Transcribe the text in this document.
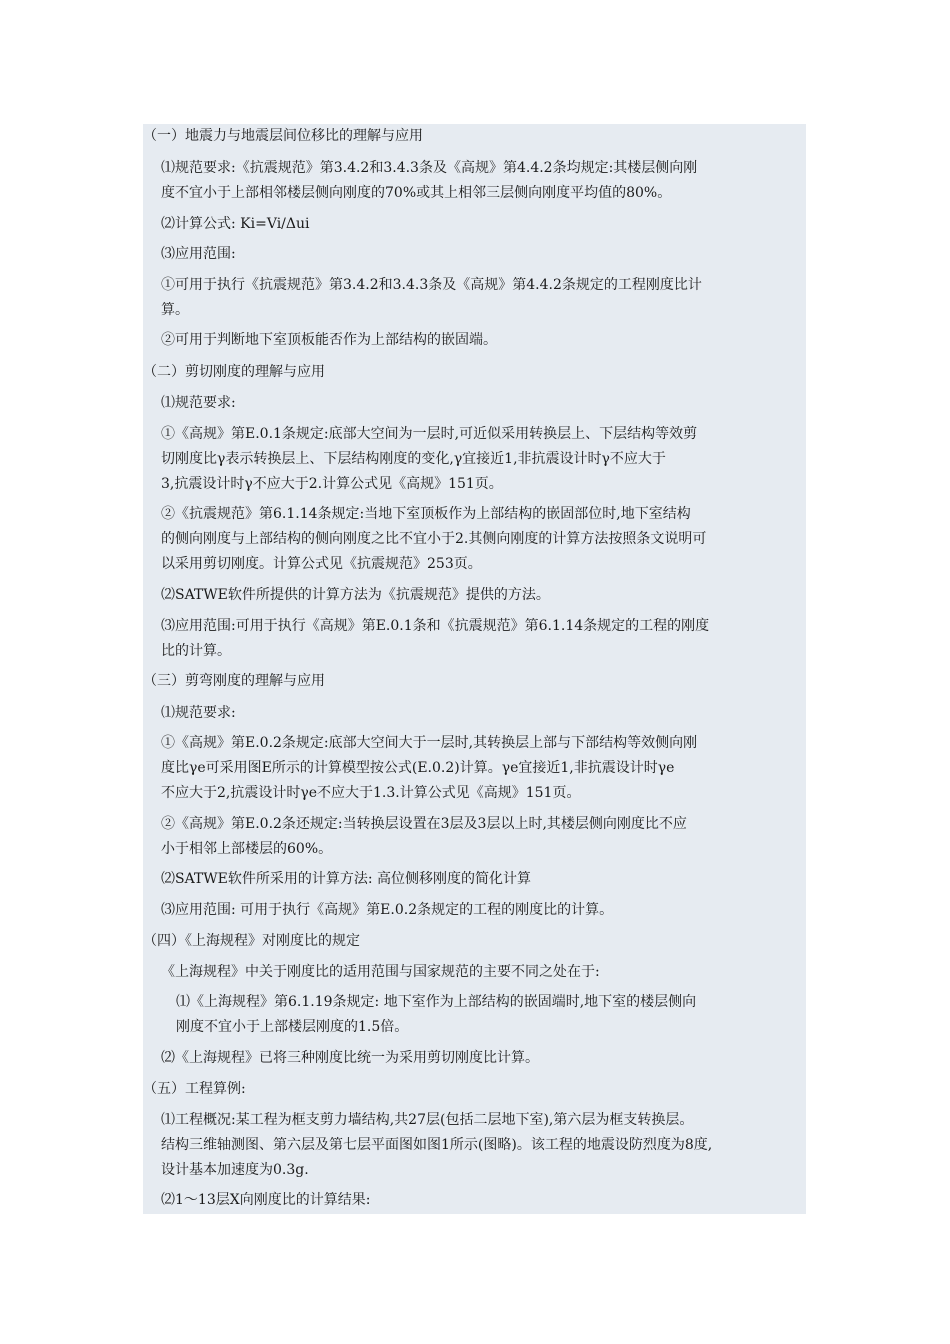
（一）地震力与地震层间位移比的理解与应用
⑴规范要求:《抗震规范》第3.4.2和3.4.3条及《高规》第4.4.2条均规定:其楼层侧向刚
度不宜小于上部相邻楼层侧向刚度的70%或其上相邻三层侧向刚度平均值的80%。
⑵计算公式: Ki=Vi/Δui
⑶应用范围:
①可用于执行《抗震规范》第3.4.2和3.4.3条及《高规》第4.4.2条规定的工程刚度比计
算。
②可用于判断地下室顶板能否作为上部结构的嵌固端。
（二）剪切刚度的理解与应用
⑴规范要求:
①《高规》第E.0.1条规定:底部大空间为一层时,可近似采用转换层上、下层结构等效剪
切刚度比γ表示转换层上、下层结构刚度的变化,γ宜接近1,非抗震设计时γ不应大于
3,抗震设计时γ不应大于2.计算公式见《高规》151页。
②《抗震规范》第6.1.14条规定:当地下室顶板作为上部结构的嵌固部位时,地下室结构
的侧向刚度与上部结构的侧向刚度之比不宜小于2.其侧向刚度的计算方法按照条文说明可
以采用剪切刚度。计算公式见《抗震规范》253页。
⑵SATWE软件所提供的计算方法为《抗震规范》提供的方法。
⑶应用范围:可用于执行《高规》第E.0.1条和《抗震规范》第6.1.14条规定的工程的刚度
比的计算。
（三）剪弯刚度的理解与应用
⑴规范要求:
①《高规》第E.0.2条规定:底部大空间大于一层时,其转换层上部与下部结构等效侧向刚
度比γe可采用图E所示的计算模型按公式(E.0.2)计算。γe宜接近1,非抗震设计时γe
不应大于2,抗震设计时γe不应大于1.3.计算公式见《高规》151页。
②《高规》第E.0.2条还规定:当转换层设置在3层及3层以上时,其楼层侧向刚度比不应
小于相邻上部楼层的60%。
⑵SATWE软件所采用的计算方法: 高位侧移刚度的简化计算
⑶应用范围: 可用于执行《高规》第E.0.2条规定的工程的刚度比的计算。
（四）《上海规程》对刚度比的规定
《上海规程》中关于刚度比的适用范围与国家规范的主要不同之处在于:
⑴《上海规程》第6.1.19条规定: 地下室作为上部结构的嵌固端时,地下室的楼层侧向
刚度不宜小于上部楼层刚度的1.5倍。
⑵《上海规程》已将三种刚度比统一为采用剪切刚度比计算。
（五）工程算例:
⑴工程概况:某工程为框支剪力墙结构,共27层(包括二层地下室),第六层为框支转换层。
结构三维轴测图、第六层及第七层平面图如图1所示(图略)。该工程的地震设防烈度为8度,
设计基本加速度为0.3g.
⑵1～13层X向刚度比的计算结果:
